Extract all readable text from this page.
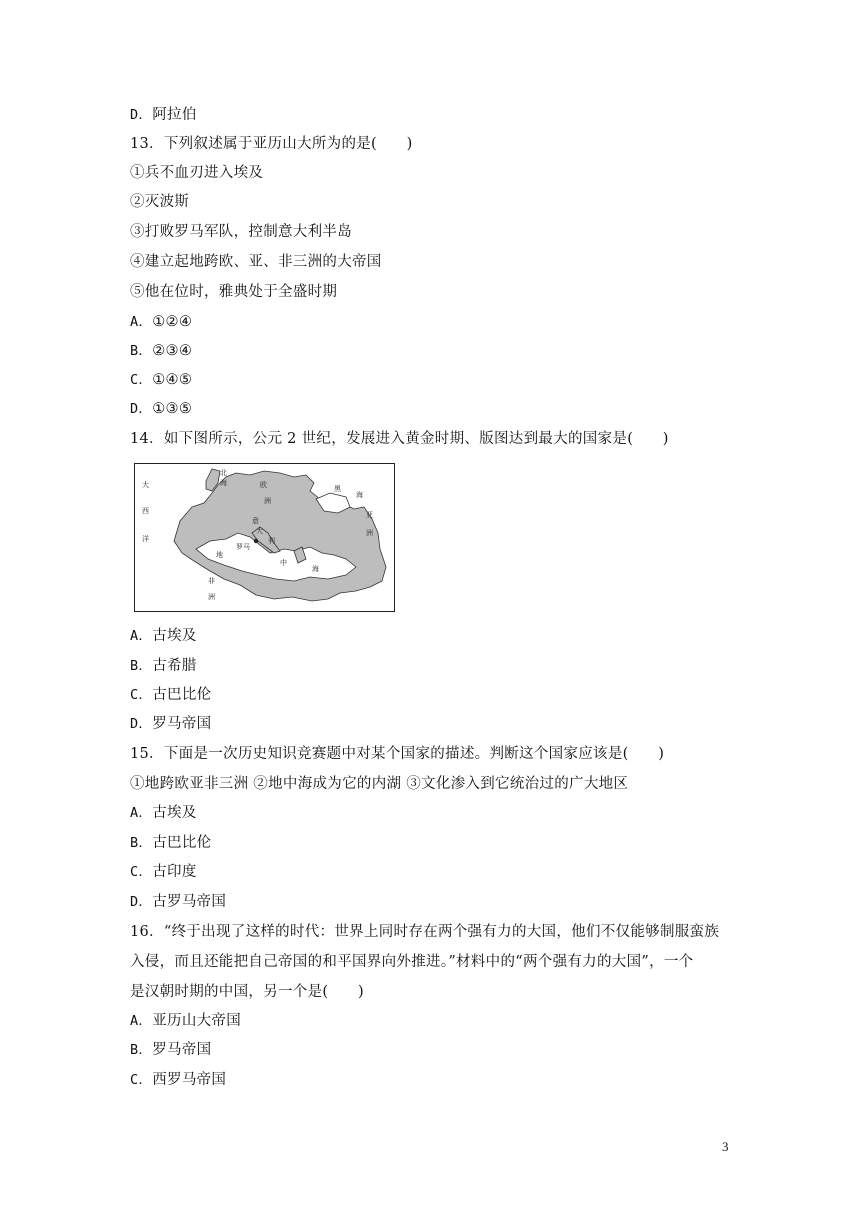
D．阿拉伯
13．下列叙述属于亚历山大所为的是(　　)
①兵不血刃进入埃及
②灭波斯
③打败罗马军队，控制意大利半岛
④建立起地跨欧、亚、非三洲的大帝国
⑤他在位时，雅典处于全盛时期
A．①②④
B．②③④
C．①④⑤
D．①③⑤
14．如下图所示，公元 2 世纪，发展进入黄金时期、版图达到最大的国家是(　　)
北
海	欧
洲
大
西
洋
黑
海
亚
洲
意
大
罗马
利
地
中
海
非
洲
A．古埃及
B．古希腊
C．古巴比伦
D．罗马帝国
15．下面是一次历史知识竞赛题中对某个国家的描述。判断这个国家应该是(　　)
①地跨欧亚非三洲 ②地中海成为它的内湖 ③文化渗入到它统治过的广大地区
A．古埃及
B．古巴比伦
C．古印度
D．古罗马帝国
16．“终于出现了这样的时代：世界上同时存在两个强有力的大国，他们不仅能够制服蛮族
入侵，而且还能把自己帝国的和平国界向外推进。”材料中的“两个强有力的大国”，一个
是汉朝时期的中国，另一个是(　　)
A．亚历山大帝国
B．罗马帝国
C．西罗马帝国
3
